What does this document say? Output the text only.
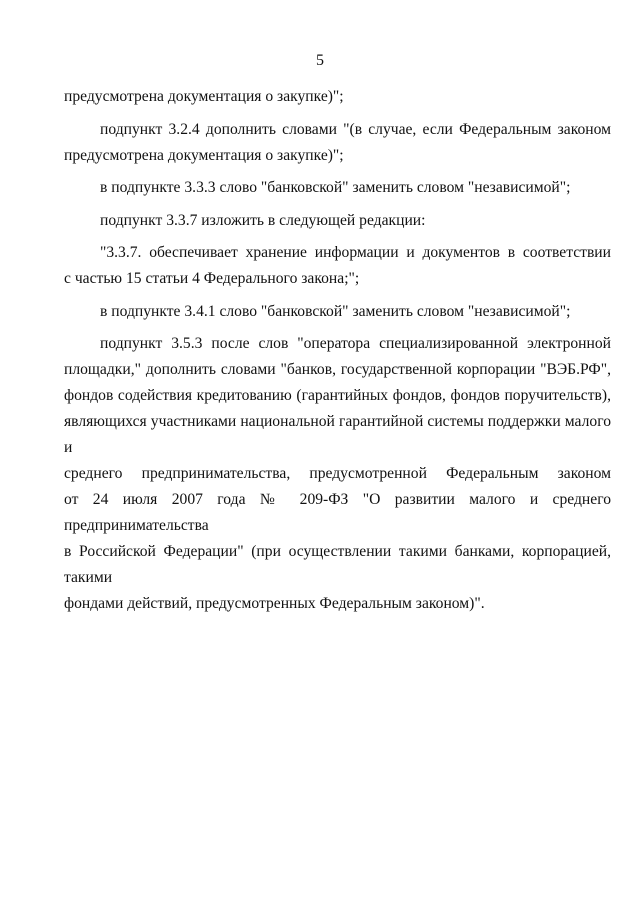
5

предусмотрена документация о закупке)";

подпункт 3.2.4 дополнить словами "(в случае, если Федеральным законом
предусмотрена документация о закупке)";

в подпункте 3.3.3 слово "банковской" заменить словом "независимой";

подпункт 3.3.7 изложить в следующей редакции:

"3.3.7. обеспечивает хранение информации и документов в соответствии
с частью 15 статьи 4 Федерального закона;";

в подпункте 3.4.1 слово "банковской" заменить словом "независимой";

подпункт 3.5.3 после слов "оператора специализированной электронной
площадки," дополнить словами "банков, государственной корпорации "ВЭБ.РФ",
фондов содействия кредитованию (гарантийных фондов, фондов поручительств),
являющихся участниками национальной гарантийной системы поддержки малого и
среднего предпринимательства, предусмотренной Федеральным законом
от 24 июля 2007 года № 209-ФЗ "О развитии малого и среднего предпринимательства
в Российской Федерации" (при осуществлении такими банками, корпорацией, такими
фондами действий, предусмотренных Федеральным законом)".
